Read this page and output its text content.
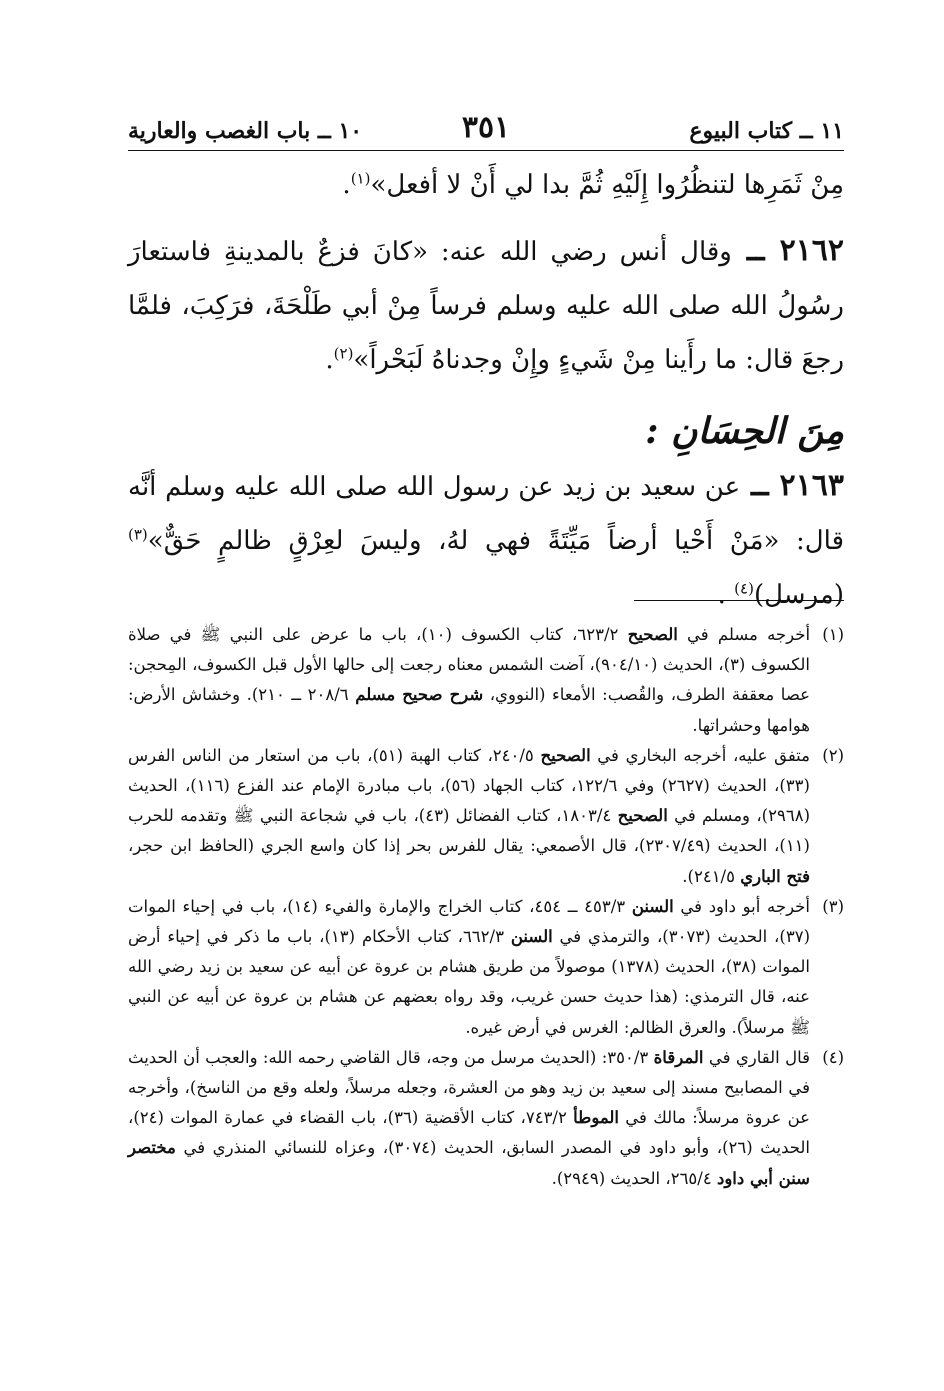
١١ ــ كتاب البيوع
٣٥١
١٠ ــ باب الغصب والعارية

مِنْ ثَمَرِها لتنظُرُوا إِلَيْهِ ثُمَّ بدا لي أَنْ لا أفعل»$^{(١)}$.

٢١٦٢ ــ وقال أنس رضي الله عنه: «كانَ فزعٌ بالمدينةِ فاستعارَ رسُولُ الله صلى الله عليه وسلم فرساً مِنْ أبي طَلْحَةَ، فرَكِبَ، فلمَّا رجعَ قال: ما رأَينا مِنْ شَيءٍ وإِنْ وجدناهُ لَبَحْراً»$^{(٢)}$.

مِنَ الحِسَانِ :

٢١٦٣ ــ عن سعيد بن زيد عن رسول الله صلى الله عليه وسلم أنَّه قال: «مَنْ أَحْيا أرضاً مَيِّتَةً فهي لهُ، وليسَ لعِرْقٍ ظالمٍ حَقٌّ»$^{(٣)}$ (مرسل)$^{(٤)}$ .

(١)
أخرجه مسلم في الصحيح ٦٢٣/٢، كتاب الكسوف (١٠)، باب ما عرض على النبي ﷺ في صلاة الكسوف (٣)، الحديث (٩٠٤/١٠)، آضت الشمس معناه رجعت إلى حالها الأول قبل الكسوف، المِحجن: عصا معقفة الطرف، والقُصب: الأمعاء (النووي، شرح صحيح مسلم ٢٠٨/٦ ــ ٢١٠). وخشاش الأرض: هوامها وحشراتها.
(٢)
متفق عليه، أخرجه البخاري في الصحيح ٢٤٠/٥، كتاب الهبة (٥١)، باب من استعار من الناس الفرس (٣٣)، الحديث (٢٦٢٧) وفي ١٢٢/٦، كتاب الجهاد (٥٦)، باب مبادرة الإمام عند الفزع (١١٦)، الحديث (٢٩٦٨)، ومسلم في الصحيح ١٨٠٣/٤، كتاب الفضائل (٤٣)، باب في شجاعة النبي ﷺ وتقدمه للحرب (١١)، الحديث (٢٣٠٧/٤٩)، قال الأصمعي: يقال للفرس بحر إذا كان واسع الجري (الحافظ ابن حجر، فتح الباري ٢٤١/٥).
(٣)
أخرجه أبو داود في السنن ٤٥٣/٣ ــ ٤٥٤، كتاب الخراج والإمارة والفيء (١٤)، باب في إحياء الموات (٣٧)، الحديث (٣٠٧٣)، والترمذي في السنن ٦٦٢/٣، كتاب الأحكام (١٣)، باب ما ذكر في إحياء أرض الموات (٣٨)، الحديث (١٣٧٨) موصولاً من طريق هشام بن عروة عن أبيه عن سعيد بن زيد رضي الله عنه، قال الترمذي: (هذا حديث حسن غريب، وقد رواه بعضهم عن هشام بن عروة عن أبيه عن النبي ﷺ مرسلاً). والعرق الظالم: الغرس في أرض غيره.
(٤)
قال القاري في المرقاة ٣٥٠/٣: (الحديث مرسل من وجه، قال القاضي رحمه الله: والعجب أن الحديث في المصابيح مسند إلى سعيد بن زيد وهو من العشرة، وجعله مرسلاً، ولعله وقع من الناسخ)، وأخرجه عن عروة مرسلاً: مالك في الموطأ ٧٤٣/٢، كتاب الأقضية (٣٦)، باب القضاء في عمارة الموات (٢٤)، الحديث (٢٦)، وأبو داود في المصدر السابق، الحديث (٣٠٧٤)، وعزاه للنسائي المنذري في مختصر سنن أبي داود ٢٦٥/٤، الحديث (٢٩٤٩).
